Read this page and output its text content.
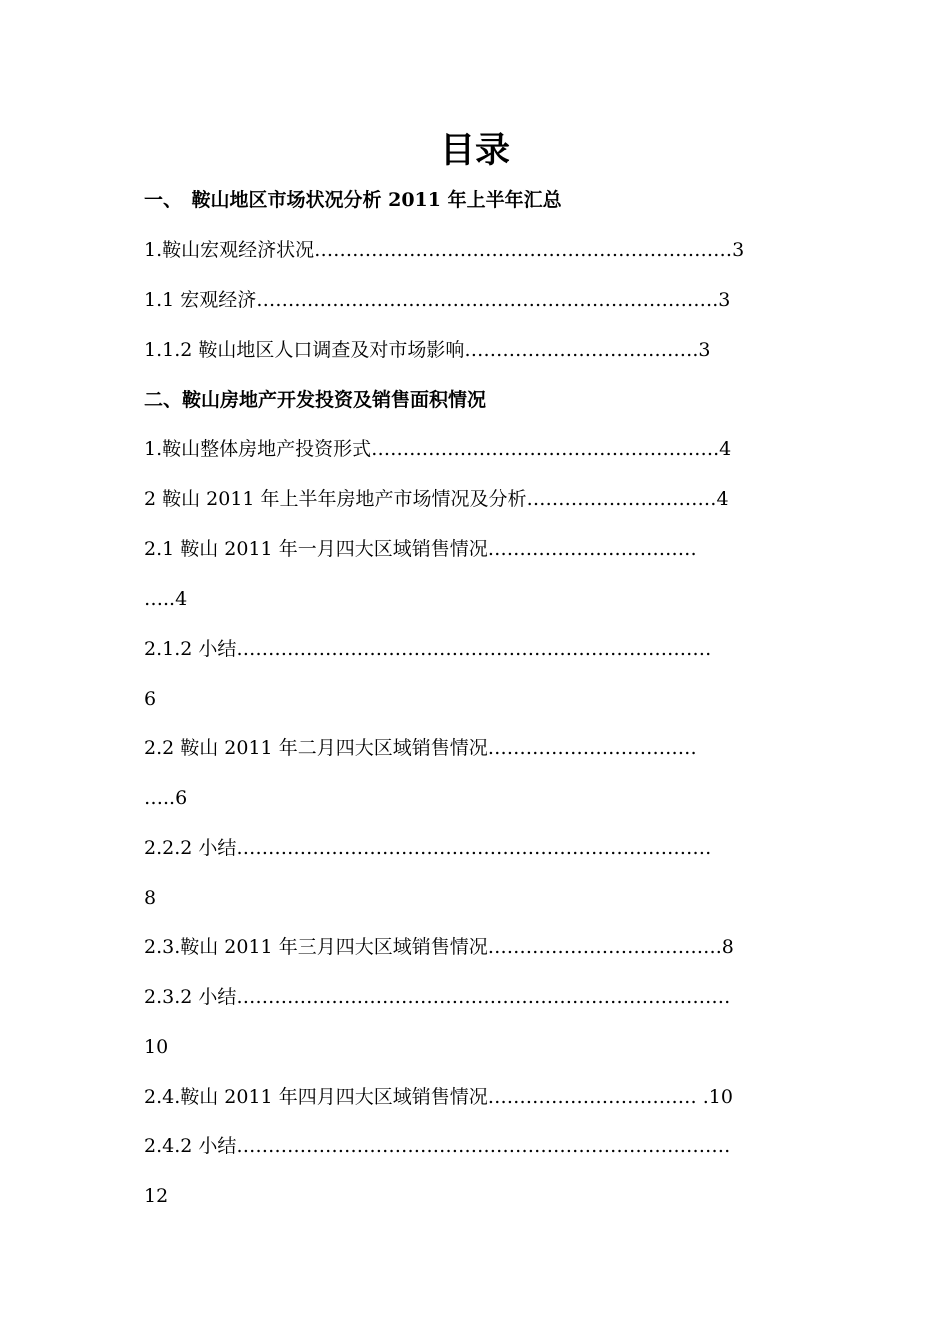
目录
一、　鞍山地区市场状况分析 2011 年上半年汇总
1.鞍山宏观经济状况…………………………………………………………3
1.1 宏观经济……………………………………………………………….3
1.1.2 鞍山地区人口调查及对市场影响……………………………….3
二、鞍山房地产开发投资及销售面积情况
1.鞍山整体房地产投资形式……………………………………………….4
2 鞍山 2011 年上半年房地产市场情况及分析…………………………4
2.1 鞍山 2011 年一月四大区域销售情况……………………………
…..4
2.1.2 小结…………………………………………………………………
6
2.2 鞍山 2011 年二月四大区域销售情况……………………………
…..6
2.2.2 小结…………………………………………………………………
8
2.3.鞍山 2011 年三月四大区域销售情况……………………………….8
2.3.2 小结……………………………………………………………………
10
2.4.鞍山 2011 年四月四大区域销售情况…………………………… .10
2.4.2 小结……………………………………………………………………
12
